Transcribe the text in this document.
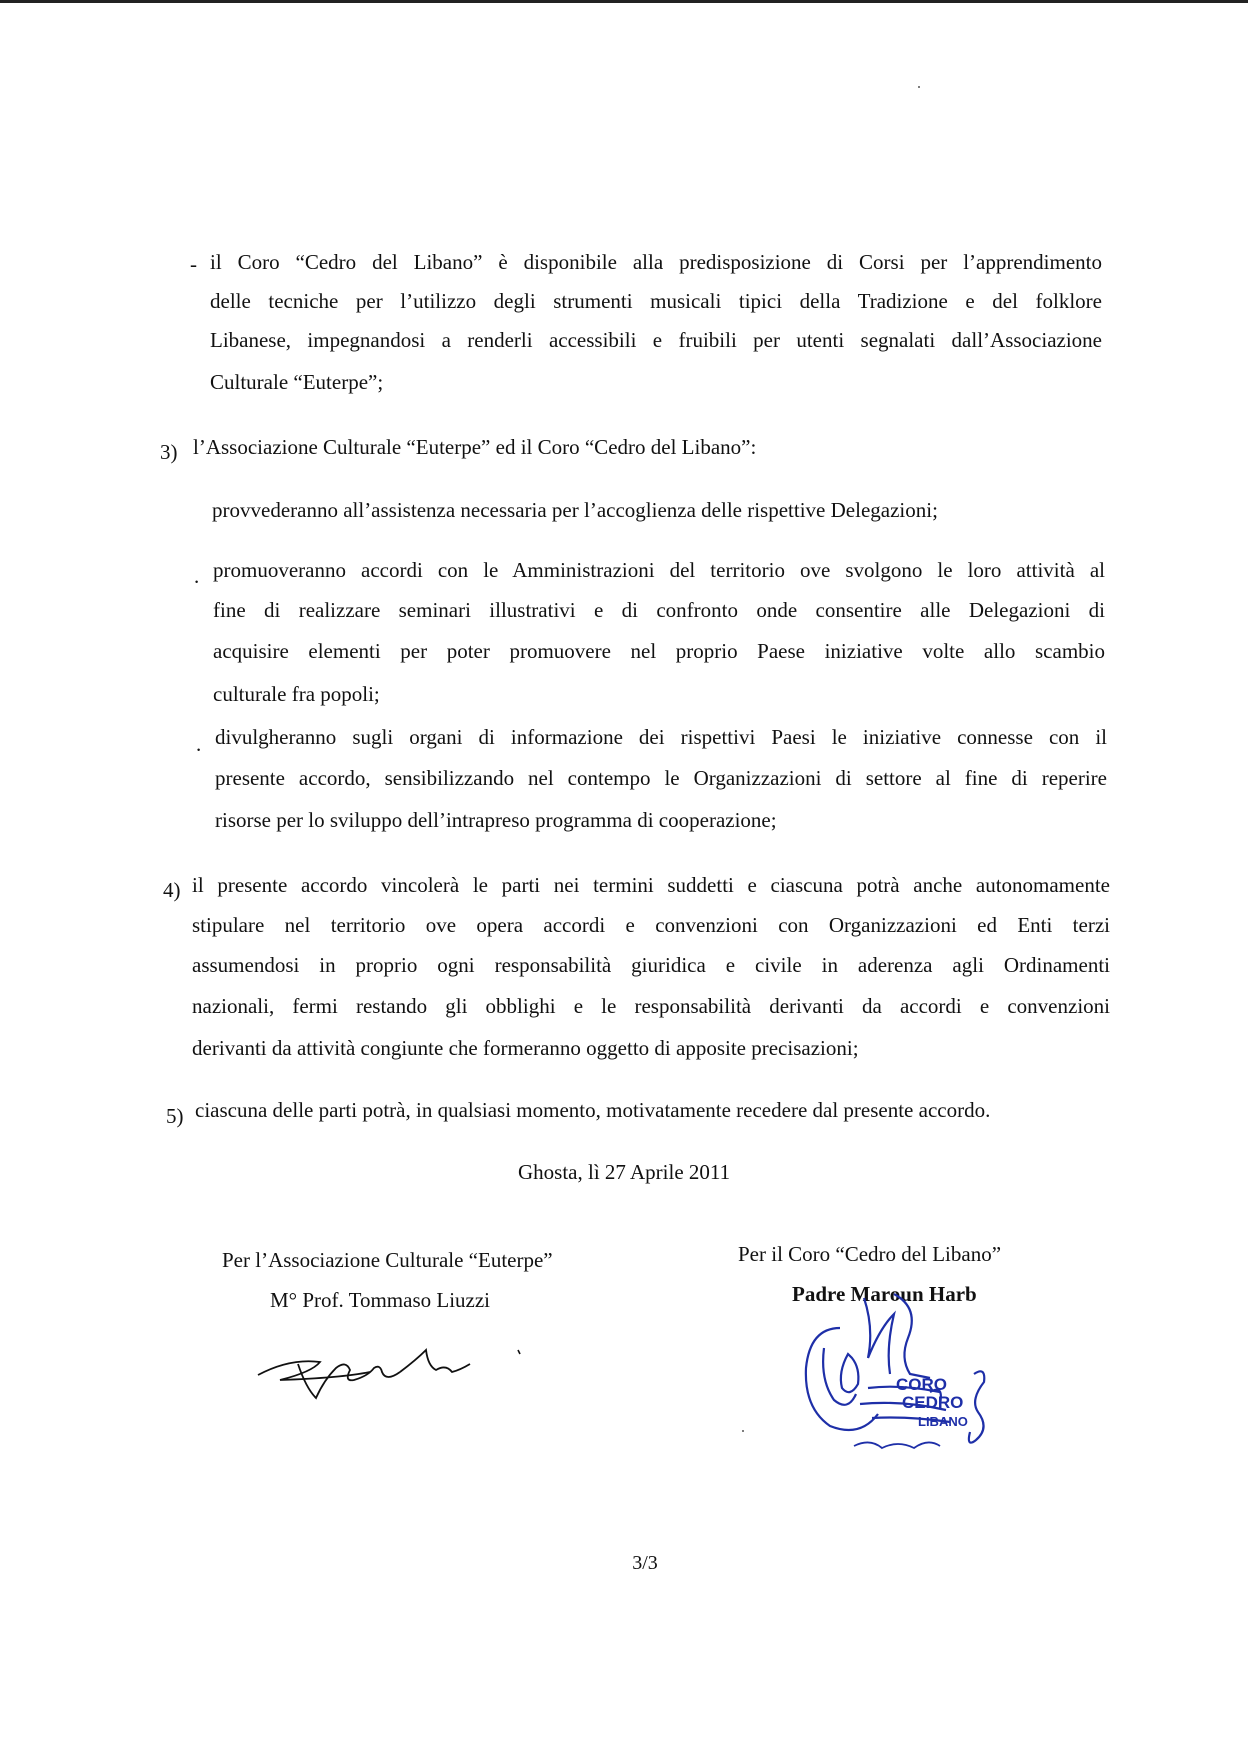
- il Coro “Cedro del Libano” è disponibile alla predisposizione di Corsi per l’apprendimento
delle tecniche per l’utilizzo degli strumenti musicali tipici della Tradizione e del folklore
Libanese, impegnandosi a renderli accessibili e fruibili per utenti segnalati dall’Associazione
Culturale “Euterpe”;
3) l’Associazione Culturale “Euterpe” ed il Coro “Cedro del Libano”:
provvederanno all’assistenza necessaria per l’accoglienza delle rispettive Delegazioni;
. promuoveranno accordi con le Amministrazioni del territorio ove svolgono le loro attività al
fine di realizzare seminari illustrativi e di confronto onde consentire alle Delegazioni di
acquisire elementi per poter promuovere nel proprio Paese iniziative volte allo scambio
culturale fra popoli;
. divulgheranno sugli organi di informazione dei rispettivi Paesi le iniziative connesse con il
presente accordo, sensibilizzando nel contempo le Organizzazioni di settore al fine di reperire
risorse per lo sviluppo dell’intrapreso programma di cooperazione;
4) il presente accordo vincolerà le parti nei termini suddetti e ciascuna potrà anche autonomamente
stipulare nel territorio ove opera accordi e convenzioni con Organizzazioni ed Enti terzi
assumendosi in proprio ogni responsabilità giuridica e civile in aderenza agli Ordinamenti
nazionali, fermi restando gli obblighi e le responsabilità derivanti da accordi e convenzioni
derivanti da attività congiunte che formeranno oggetto di apposite precisazioni;
5) ciascuna delle parti potrà, in qualsiasi momento, motivatamente recedere dal presente accordo.
Ghosta, lì 27 Aprile 2011
Per l’Associazione Culturale “Euterpe”
M° Prof. Tommaso Liuzzi
Per il Coro “Cedro del Libano”
Padre Maroun Harb
CORO
CEDRO
LIBANO
3/3
